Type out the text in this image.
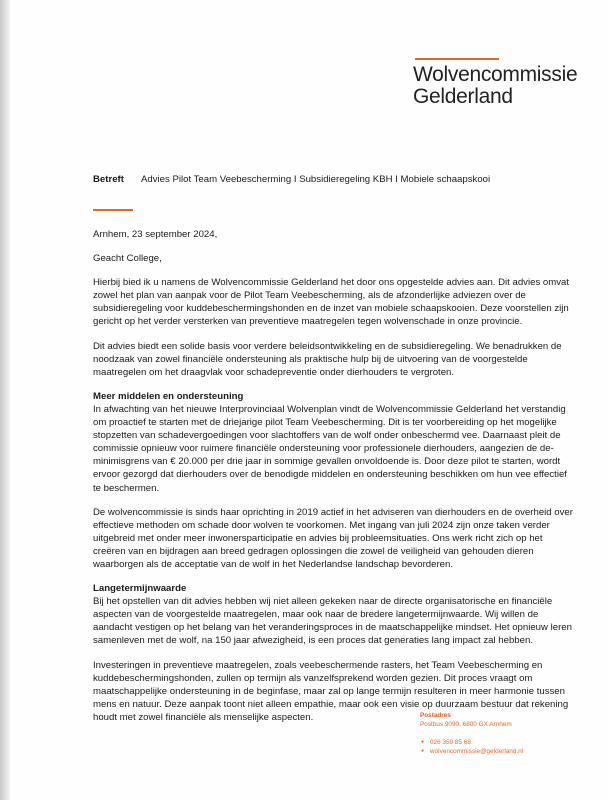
Wolvencommissie
Gelderland
Betreft Advies Pilot Team Veebescherming I Subsidieregeling KBH I Mobiele schaapskooi

Arnhem, 23 september 2024,

Geacht College,

Hierbij bied ik u namens de Wolvencommissie Gelderland het door ons opgestelde advies aan. Dit advies omvat zowel het plan van aanpak voor de Pilot Team Veebescherming, als de afzonderlijke adviezen over de subsidieregeling voor kuddebeschermingshonden en de inzet van mobiele schaapskooien. Deze voorstellen zijn gericht op het verder versterken van preventieve maatregelen tegen wolvenschade in onze provincie.

Dit advies biedt een solide basis voor verdere beleidsontwikkeling en de subsidieregeling. We benadrukken de noodzaak van zowel financiële ondersteuning als praktische hulp bij de uitvoering van de voorgestelde maatregelen om het draagvlak voor schadepreventie onder dierhouders te vergroten.

Meer middelen en ondersteuning

In afwachting van het nieuwe Interprovinciaal Wolvenplan vindt de Wolvencommissie Gelderland het verstandig om proactief te starten met de driejarige pilot Team Veebescherming. Dit is ter voorbereiding op het mogelijke stopzetten van schadevergoedingen voor slachtoffers van de wolf onder onbeschermd vee. Daarnaast pleit de commissie opnieuw voor ruimere financiële ondersteuning voor professionele dierhouders, aangezien de de-minimisgrens van € 20.000 per drie jaar in sommige gevallen onvoldoende is. Door deze pilot te starten, wordt ervoor gezorgd dat dierhouders over de benodigde middelen en ondersteuning beschikken om hun vee effectief te beschermen.

De wolvencommissie is sinds haar oprichting in 2019 actief in het adviseren van dierhouders en de overheid over effectieve methoden om schade door wolven te voorkomen. Met ingang van juli 2024 zijn onze taken verder uitgebreid met onder meer inwonersparticipatie en advies bij probleemsituaties. Ons werk richt zich op het creëren van en bijdragen aan breed gedragen oplossingen die zowel de veiligheid van gehouden dieren waarborgen als de acceptatie van de wolf in het Nederlandse landschap bevorderen.

Langetermijnwaarde

Bij het opstellen van dit advies hebben wij niet alleen gekeken naar de directe organisatorische en financiële aspecten van de voorgestelde maatregelen, maar ook naar de bredere langetermijnwaarde. Wij willen de aandacht vestigen op het belang van het veranderingsproces in de maatschappelijke mindset. Het opnieuw leren samenleven met de wolf, na 150 jaar afwezigheid, is een proces dat generaties lang impact zal hebben.

Investeringen in preventieve maatregelen, zoals veebeschermende rasters, het Team Veebescherming en kuddebeschermingshonden, zullen op termijn als vanzelfsprekend worden gezien. Dit proces vraagt om maatschappelijke ondersteuning in de beginfase, maar zal op lange termijn resulteren in meer harmonie tussen mens en natuur. Deze aanpak toont niet alleen empathie, maar ook een visie op duurzaam bestuur dat rekening houdt met zowel financiële als menselijke aspecten.	Postadres
Postbus 9090, 6800 GX Arnhem
● 026 359 85 68
● wolvencommissie@gelderland.nl
